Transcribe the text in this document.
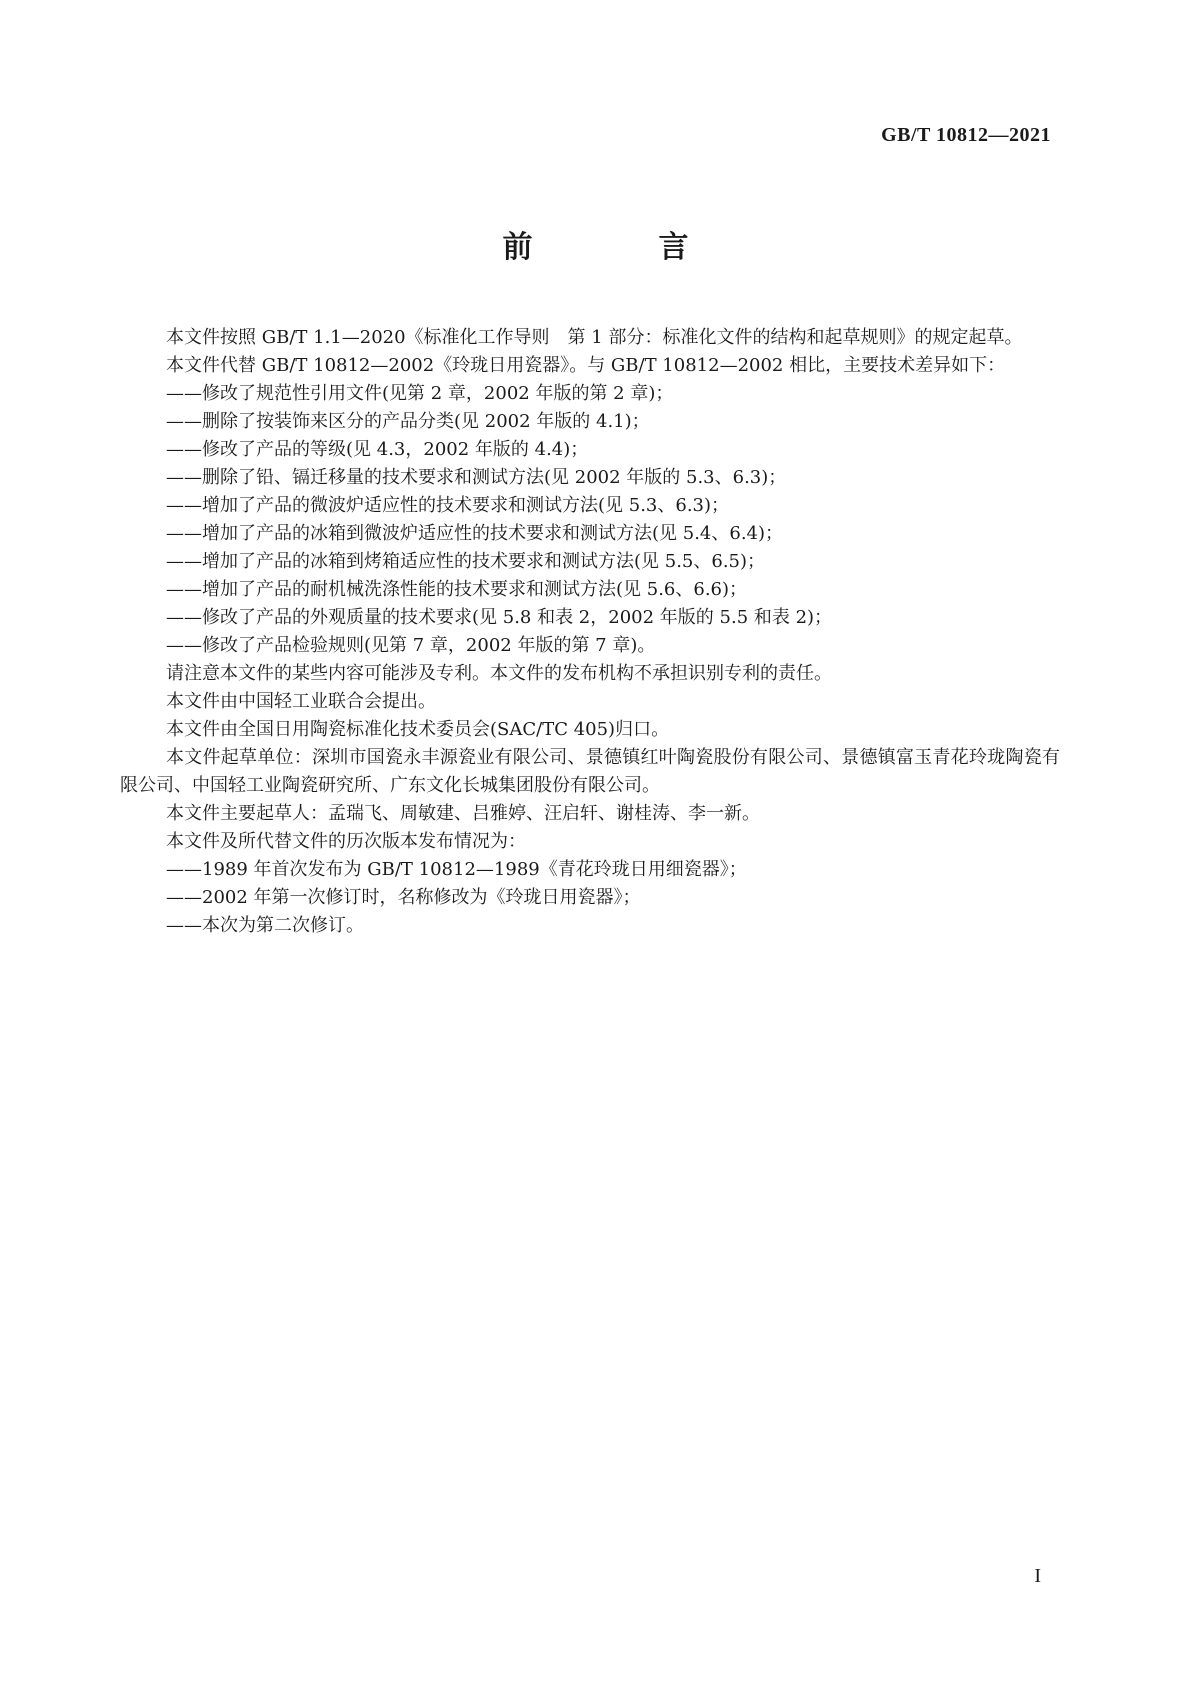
GB/T 10812—2021
前　言

本文件按照 GB/T 1.1—2020《标准化工作导则　第 1 部分：标准化文件的结构和起草规则》的规定起草。

本文件代替 GB/T 10812—2002《玲珑日用瓷器》。与 GB/T 10812—2002 相比，主要技术差异如下：

——修改了规范性引用文件(见第 2 章，2002 年版的第 2 章)；

——删除了按装饰来区分的产品分类(见 2002 年版的 4.1)；

——修改了产品的等级(见 4.3，2002 年版的 4.4)；

——删除了铅、镉迁移量的技术要求和测试方法(见 2002 年版的 5.3、6.3)；

——增加了产品的微波炉适应性的技术要求和测试方法(见 5.3、6.3)；

——增加了产品的冰箱到微波炉适应性的技术要求和测试方法(见 5.4、6.4)；

——增加了产品的冰箱到烤箱适应性的技术要求和测试方法(见 5.5、6.5)；

——增加了产品的耐机械洗涤性能的技术要求和测试方法(见 5.6、6.6)；

——修改了产品的外观质量的技术要求(见 5.8 和表 2，2002 年版的 5.5 和表 2)；

——修改了产品检验规则(见第 7 章，2002 年版的第 7 章)。

请注意本文件的某些内容可能涉及专利。本文件的发布机构不承担识别专利的责任。

本文件由中国轻工业联合会提出。

本文件由全国日用陶瓷标准化技术委员会(SAC/TC 405)归口。

本文件起草单位：深圳市国瓷永丰源瓷业有限公司、景德镇红叶陶瓷股份有限公司、景德镇富玉青花玲珑陶瓷有限公司、中国轻工业陶瓷研究所、广东文化长城集团股份有限公司。

本文件主要起草人：孟瑞飞、周敏建、吕雅婷、汪启轩、谢桂涛、李一新。

本文件及所代替文件的历次版本发布情况为：

——1989 年首次发布为 GB/T 10812—1989《青花玲珑日用细瓷器》；

——2002 年第一次修订时，名称修改为《玲珑日用瓷器》；

——本次为第二次修订。

I
